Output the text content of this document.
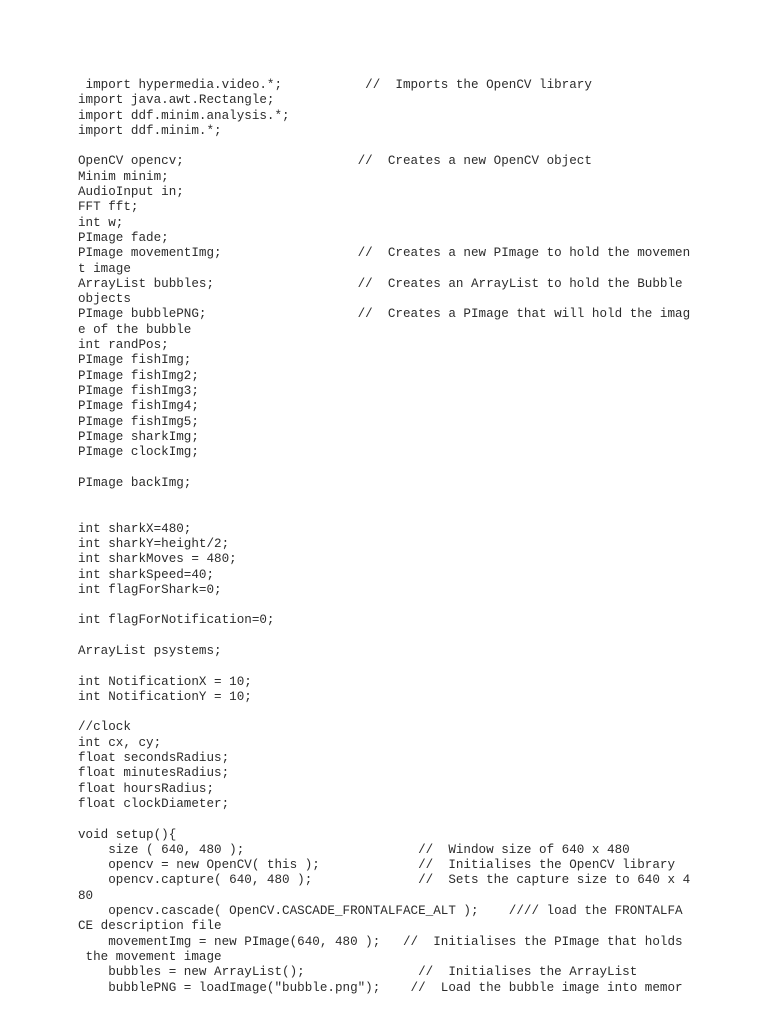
import hypermedia.video.*;           //  Imports the OpenCV library
import java.awt.Rectangle;
import ddf.minim.analysis.*;
import ddf.minim.*;
OpenCV opencv;                       //  Creates a new OpenCV object
Minim minim;
AudioInput in;
FFT fft;
int w;
PImage fade;
PImage movementImg;                  //  Creates a new PImage to hold the movemen
t image
ArrayList bubbles;                   //  Creates an ArrayList to hold the Bubble
objects
PImage bubblePNG;                    //  Creates a PImage that will hold the imag
e of the bubble
int randPos;
PImage fishImg;
PImage fishImg2;
PImage fishImg3;
PImage fishImg4;
PImage fishImg5;
PImage sharkImg;
PImage clockImg;
PImage backImg;
int sharkX=480;
int sharkY=height/2;
int sharkMoves = 480;
int sharkSpeed=40;
int flagForShark=0;
int flagForNotification=0;
ArrayList psystems;
int NotificationX = 10;
int NotificationY = 10;
//clock
int cx, cy;
float secondsRadius;
float minutesRadius;
float hoursRadius;
float clockDiameter;
void setup(){
size ( 640, 480 );                       //  Window size of 640 x 480
opencv = new OpenCV( this );             //  Initialises the OpenCV library
opencv.capture( 640, 480 );              //  Sets the capture size to 640 x 4
80
opencv.cascade( OpenCV.CASCADE_FRONTALFACE_ALT );    //// load the FRONTALFA
CE description file
movementImg = new PImage(640, 480 );   //  Initialises the PImage that holds
the movement image
bubbles = new ArrayList();               //  Initialises the ArrayList
bubblePNG = loadImage("bubble.png");    //  Load the bubble image into memor
